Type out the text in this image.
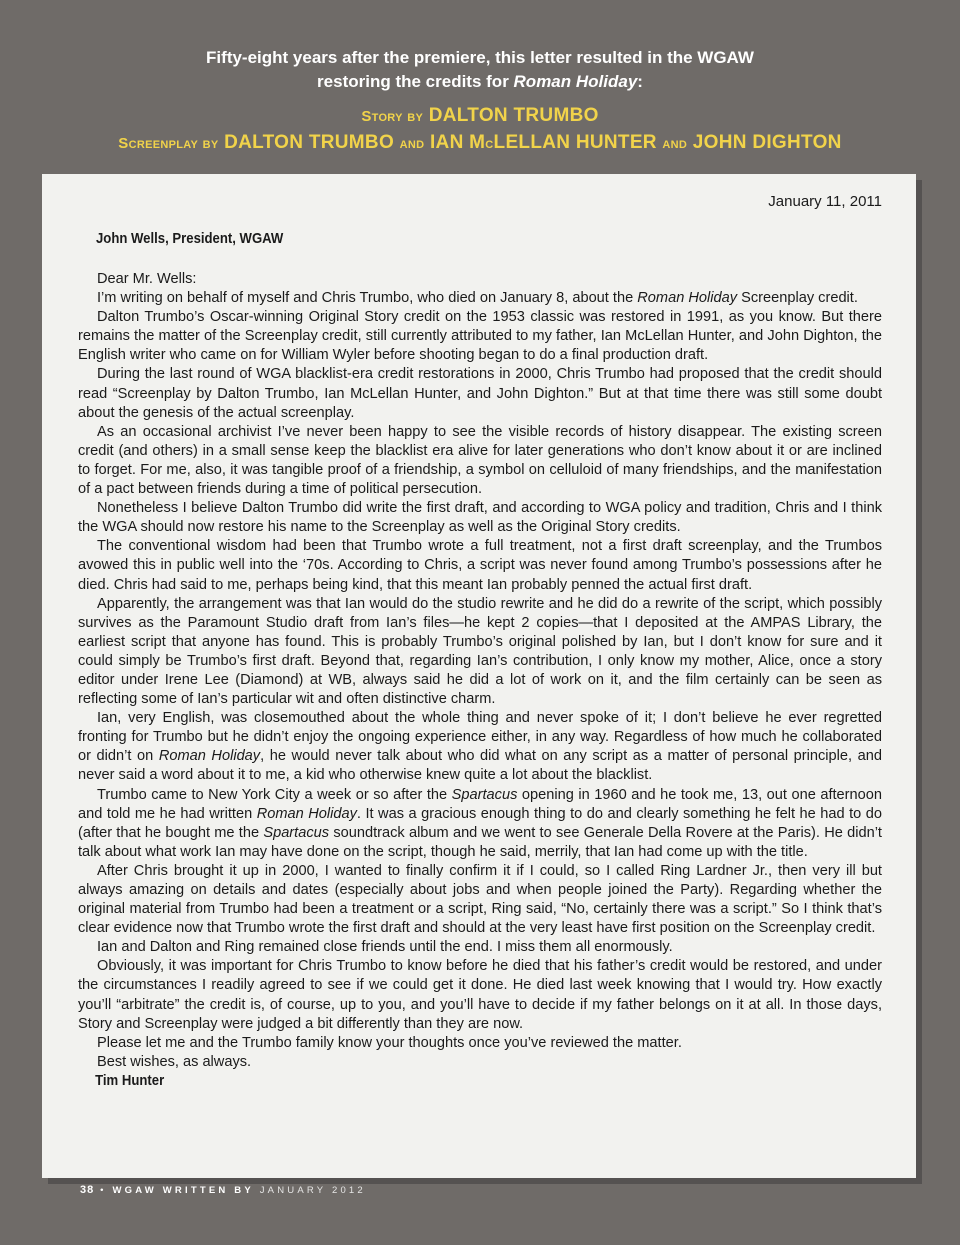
Fifty-eight years after the premiere, this letter resulted in the WGAW

restoring the credits for Roman Holiday:

Story by DALTON TRUMBO

Screenplay by DALTON TRUMBO and IAN McLELLAN HUNTER and JOHN DIGHTON

January 11, 2011
John Wells, President, WGAW

Dear Mr. Wells:

I’m writing on behalf of myself and Chris Trumbo, who died on January 8, about the Roman Holiday Screenplay credit.

Dalton Trumbo’s Oscar-winning Original Story credit on the 1953 classic was restored in 1991, as you know. But there remains the matter of the Screenplay credit, still currently attributed to my father, Ian McLellan Hunter, and John Dighton, the English writer who came on for William Wyler before shooting began to do a final production draft.

During the last round of WGA blacklist-era credit restorations in 2000, Chris Trumbo had proposed that the credit should read “Screenplay by Dalton Trumbo, Ian McLellan Hunter, and John Dighton.” But at that time there was still some doubt about the genesis of the actual screenplay.

As an occasional archivist I’ve never been happy to see the visible records of history disappear. The existing screen credit (and others) in a small sense keep the blacklist era alive for later generations who don’t know about it or are inclined to forget. For me, also, it was tangible proof of a friendship, a symbol on celluloid of many friendships, and the manifestation of a pact between friends during a time of political persecution.

Nonetheless I believe Dalton Trumbo did write the first draft, and according to WGA policy and tradition, Chris and I think the WGA should now restore his name to the Screenplay as well as the Original Story credits.

The conventional wisdom had been that Trumbo wrote a full treatment, not a first draft screenplay, and the Trumbos avowed this in public well into the ‘70s. According to Chris, a script was never found among Trumbo’s possessions after he died. Chris had said to me, perhaps being kind, that this meant Ian probably penned the actual first draft.

Apparently, the arrangement was that Ian would do the studio rewrite and he did do a rewrite of the script, which possibly survives as the Paramount Studio draft from Ian’s files—he kept 2 copies—that I deposited at the AMPAS Library, the earliest script that anyone has found. This is probably Trumbo’s original polished by Ian, but I don’t know for sure and it could simply be Trumbo’s first draft. Beyond that, regarding Ian’s contribution, I only know my mother, Alice, once a story editor under Irene Lee (Diamond) at WB, always said he did a lot of work on it, and the film certainly can be seen as reflecting some of Ian’s particular wit and often distinctive charm.

Ian, very English, was closemouthed about the whole thing and never spoke of it; I don’t believe he ever regretted fronting for Trumbo but he didn’t enjoy the ongoing experience either, in any way. Regardless of how much he collaborated or didn’t on Roman Holiday, he would never talk about who did what on any script as a matter of personal principle, and never said a word about it to me, a kid who otherwise knew quite a lot about the blacklist.

Trumbo came to New York City a week or so after the Spartacus opening in 1960 and he took me, 13, out one afternoon and told me he had written Roman Holiday. It was a gracious enough thing to do and clearly something he felt he had to do (after that he bought me the Spartacus soundtrack album and we went to see Generale Della Rovere at the Paris). He didn’t talk about what work Ian may have done on the script, though he said, merrily, that Ian had come up with the title.

After Chris brought it up in 2000, I wanted to finally confirm it if I could, so I called Ring Lardner Jr., then very ill but always amazing on details and dates (especially about jobs and when people joined the Party). Regarding whether the original material from Trumbo had been a treatment or a script, Ring said, “No, certainly there was a script.” So I think that’s clear evidence now that Trumbo wrote the first draft and should at the very least have first position on the Screenplay credit.

Ian and Dalton and Ring remained close friends until the end. I miss them all enormously.

Obviously, it was important for Chris Trumbo to know before he died that his father’s credit would be restored, and under the circumstances I readily agreed to see if we could get it done. He died last week knowing that I would try. How exactly you’ll “arbitrate” the credit is, of course, up to you, and you’ll have to decide if my father belongs on it at all. In those days, Story and Screenplay were judged a bit differently than they are now.

Please let me and the Trumbo family know your thoughts once you’ve reviewed the matter.

Best wishes, as always.

Tim Hunter
38 • WGAW WRITTEN BY JANUARY 2012
